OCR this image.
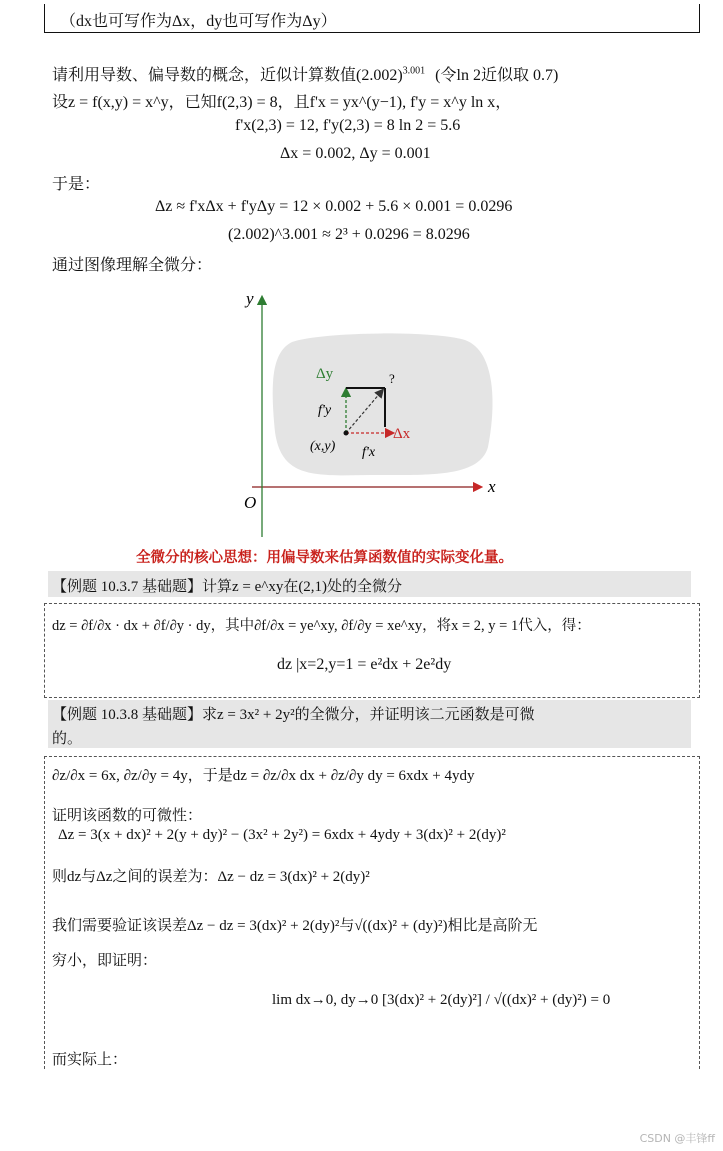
（dx也可写作为Δx，dy也可写作为Δy）
请利用导数、偏导数的概念，近似计算数值$(2.002)^{3.001}$ (令ln 2近似取 0.7)
设z = f(x,y) = x^y，已知f(2,3) = 8，且f'x = yx^(y−1), f'y = x^y ln x，
f'x(2,3) = 12, f'y(2,3) = 8 ln 2 = 5.6
Δx = 0.002, Δy = 0.001
于是：
Δz ≈ f'xΔx + f'yΔy = 12 × 0.002 + 5.6 × 0.001 = 0.0296
(2.002)^3.001 ≈ 2³ + 0.0296 = 8.0296
通过图像理解全微分：
y
x
O
Δy
Δx
?
f'y
f'x
(x,y)
全微分的核心思想：用偏导数来估算函数值的实际变化量。
【例题 10.3.7 基础题】计算z = e^xy在(2,1)处的全微分
dz = ∂f/∂x · dx + ∂f/∂y · dy，其中∂f/∂x = ye^xy, ∂f/∂y = xe^xy，将x = 2, y = 1代入，得：
dz |x=2,y=1 = e²dx + 2e²dy
【例题 10.3.8 基础题】求z = 3x² + 2y²的全微分，并证明该二元函数是可微
的。
∂z/∂x = 6x, ∂z/∂y = 4y，于是dz = ∂z/∂x dx + ∂z/∂y dy = 6xdx + 4ydy
证明该函数的可微性：
Δz = 3(x + dx)² + 2(y + dy)² − (3x² + 2y²) = 6xdx + 4ydy + 3(dx)² + 2(dy)²
则dz与Δz之间的误差为：Δz − dz = 3(dx)² + 2(dy)²
我们需要验证该误差Δz − dz = 3(dx)² + 2(dy)²与√((dx)² + (dy)²)相比是高阶无
穷小，即证明：
lim dx→0, dy→0 [3(dx)² + 2(dy)²] / √((dx)² + (dy)²) = 0
而实际上：
CSDN @丰锋ff
